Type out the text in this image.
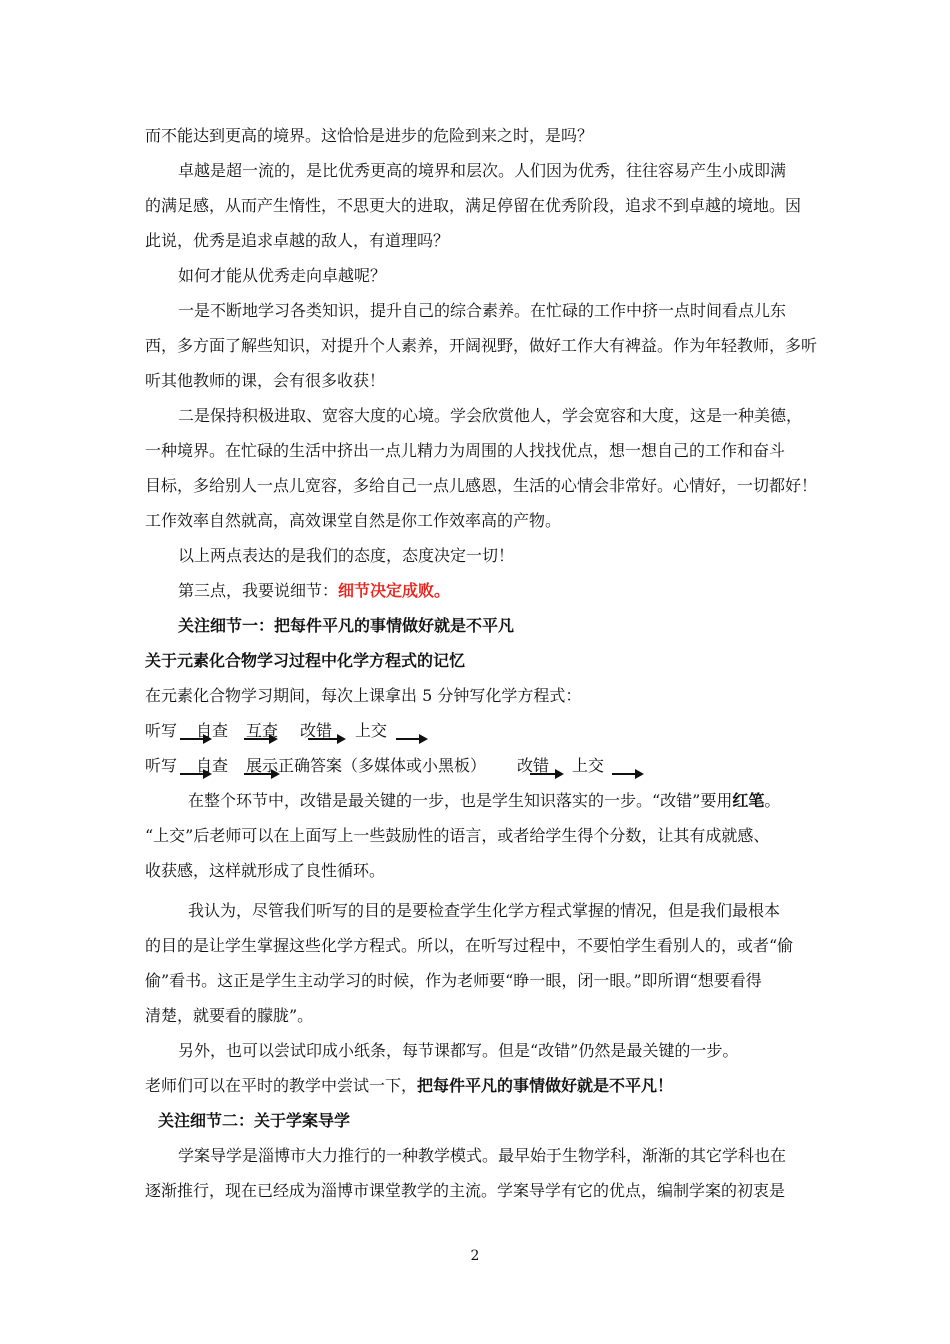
而不能达到更高的境界。这恰恰是进步的危险到来之时，是吗？
卓越是超一流的，是比优秀更高的境界和层次。人们因为优秀，往往容易产生小成即满
的满足感，从而产生惰性，不思更大的进取，满足停留在优秀阶段，追求不到卓越的境地。因
此说，优秀是追求卓越的敌人，有道理吗？
如何才能从优秀走向卓越呢？
一是不断地学习各类知识，提升自己的综合素养。在忙碌的工作中挤一点时间看点儿东
西，多方面了解些知识，对提升个人素养，开阔视野，做好工作大有裨益。作为年轻教师，多听
听其他教师的课，会有很多收获！
二是保持积极进取、宽容大度的心境。学会欣赏他人，学会宽容和大度，这是一种美德，
一种境界。在忙碌的生活中挤出一点儿精力为周围的人找找优点，想一想自己的工作和奋斗
目标，多给别人一点儿宽容，多给自己一点儿感恩，生活的心情会非常好。心情好，一切都好！
工作效率自然就高，高效课堂自然是你工作效率高的产物。
以上两点表达的是我们的态度，态度决定一切！
第三点，我要说细节：细节决定成败。
关注细节一：把每件平凡的事情做好就是不平凡
关于元素化合物学习过程中化学方程式的记忆
在元素化合物学习期间，每次上课拿出 5 分钟写化学方程式：
听写 自查 互查 改错 上交
听写 自查 展示正确答案（多媒体或小黑板） 改错 上交
在整个环节中，改错是最关键的一步，也是学生知识落实的一步。“改错”要用红笔。
“上交”后老师可以在上面写上一些鼓励性的语言，或者给学生得个分数，让其有成就感、
收获感，这样就形成了良性循环。
我认为，尽管我们听写的目的是要检查学生化学方程式掌握的情况，但是我们最根本
的目的是让学生掌握这些化学方程式。所以，在听写过程中，不要怕学生看别人的，或者“偷
偷”看书。这正是学生主动学习的时候，作为老师要“睁一眼，闭一眼。”即所谓“想要看得
清楚，就要看的朦胧”。
另外，也可以尝试印成小纸条，每节课都写。但是“改错”仍然是最关键的一步。
老师们可以在平时的教学中尝试一下，把每件平凡的事情做好就是不平凡！
关注细节二：关于学案导学
学案导学是淄博市大力推行的一种教学模式。最早始于生物学科，渐渐的其它学科也在
逐渐推行，现在已经成为淄博市课堂教学的主流。学案导学有它的优点，编制学案的初衷是
2
